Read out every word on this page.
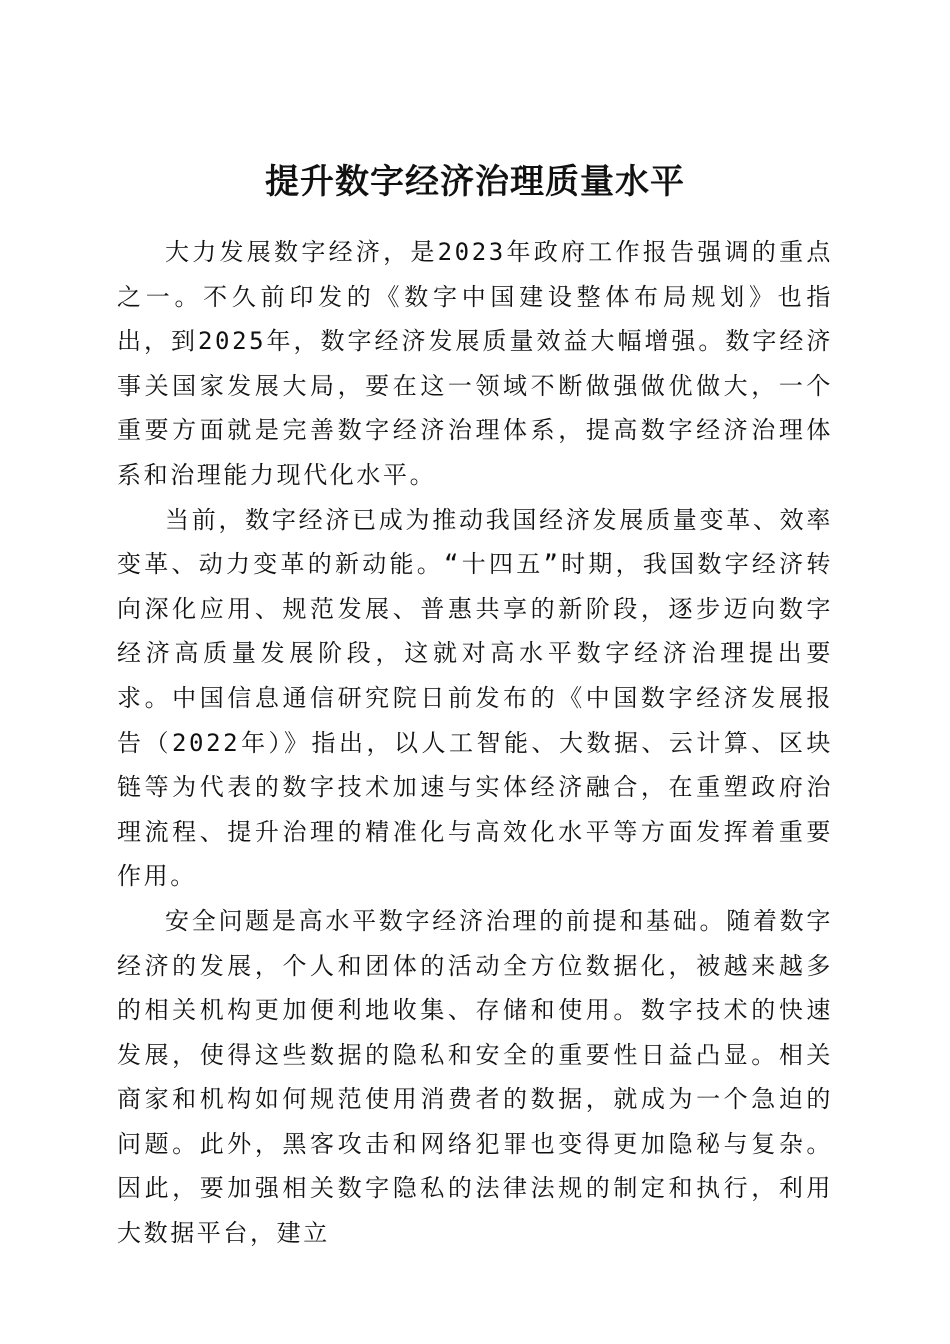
提升数字经济治理质量水平

大力发展数字经济，是2023年政府工作报告强调的重点之一。不久前印发的《数字中国建设整体布局规划》也指出，到2025年，数字经济发展质量效益大幅增强。数字经济事关国家发展大局，要在这一领域不断做强做优做大，一个重要方面就是完善数字经济治理体系，提高数字经济治理体系和治理能力现代化水平。

当前，数字经济已成为推动我国经济发展质量变革、效率变革、动力变革的新动能。“十四五”时期，我国数字经济转向深化应用、规范发展、普惠共享的新阶段，逐步迈向数字经济高质量发展阶段，这就对高水平数字经济治理提出要求。中国信息通信研究院日前发布的《中国数字经济发展报告（2022年）》指出，以人工智能、大数据、云计算、区块链等为代表的数字技术加速与实体经济融合，在重塑政府治理流程、提升治理的精准化与高效化水平等方面发挥着重要作用。

安全问题是高水平数字经济治理的前提和基础。随着数字经济的发展，个人和团体的活动全方位数据化，被越来越多的相关机构更加便利地收集、存储和使用。数字技术的快速发展，使得这些数据的隐私和安全的重要性日益凸显。相关商家和机构如何规范使用消费者的数据，就成为一个急迫的问题。此外，黑客攻击和网络犯罪也变得更加隐秘与复杂。因此，要加强相关数字隐私的法律法规的制定和执行，利用大数据平台，建立
